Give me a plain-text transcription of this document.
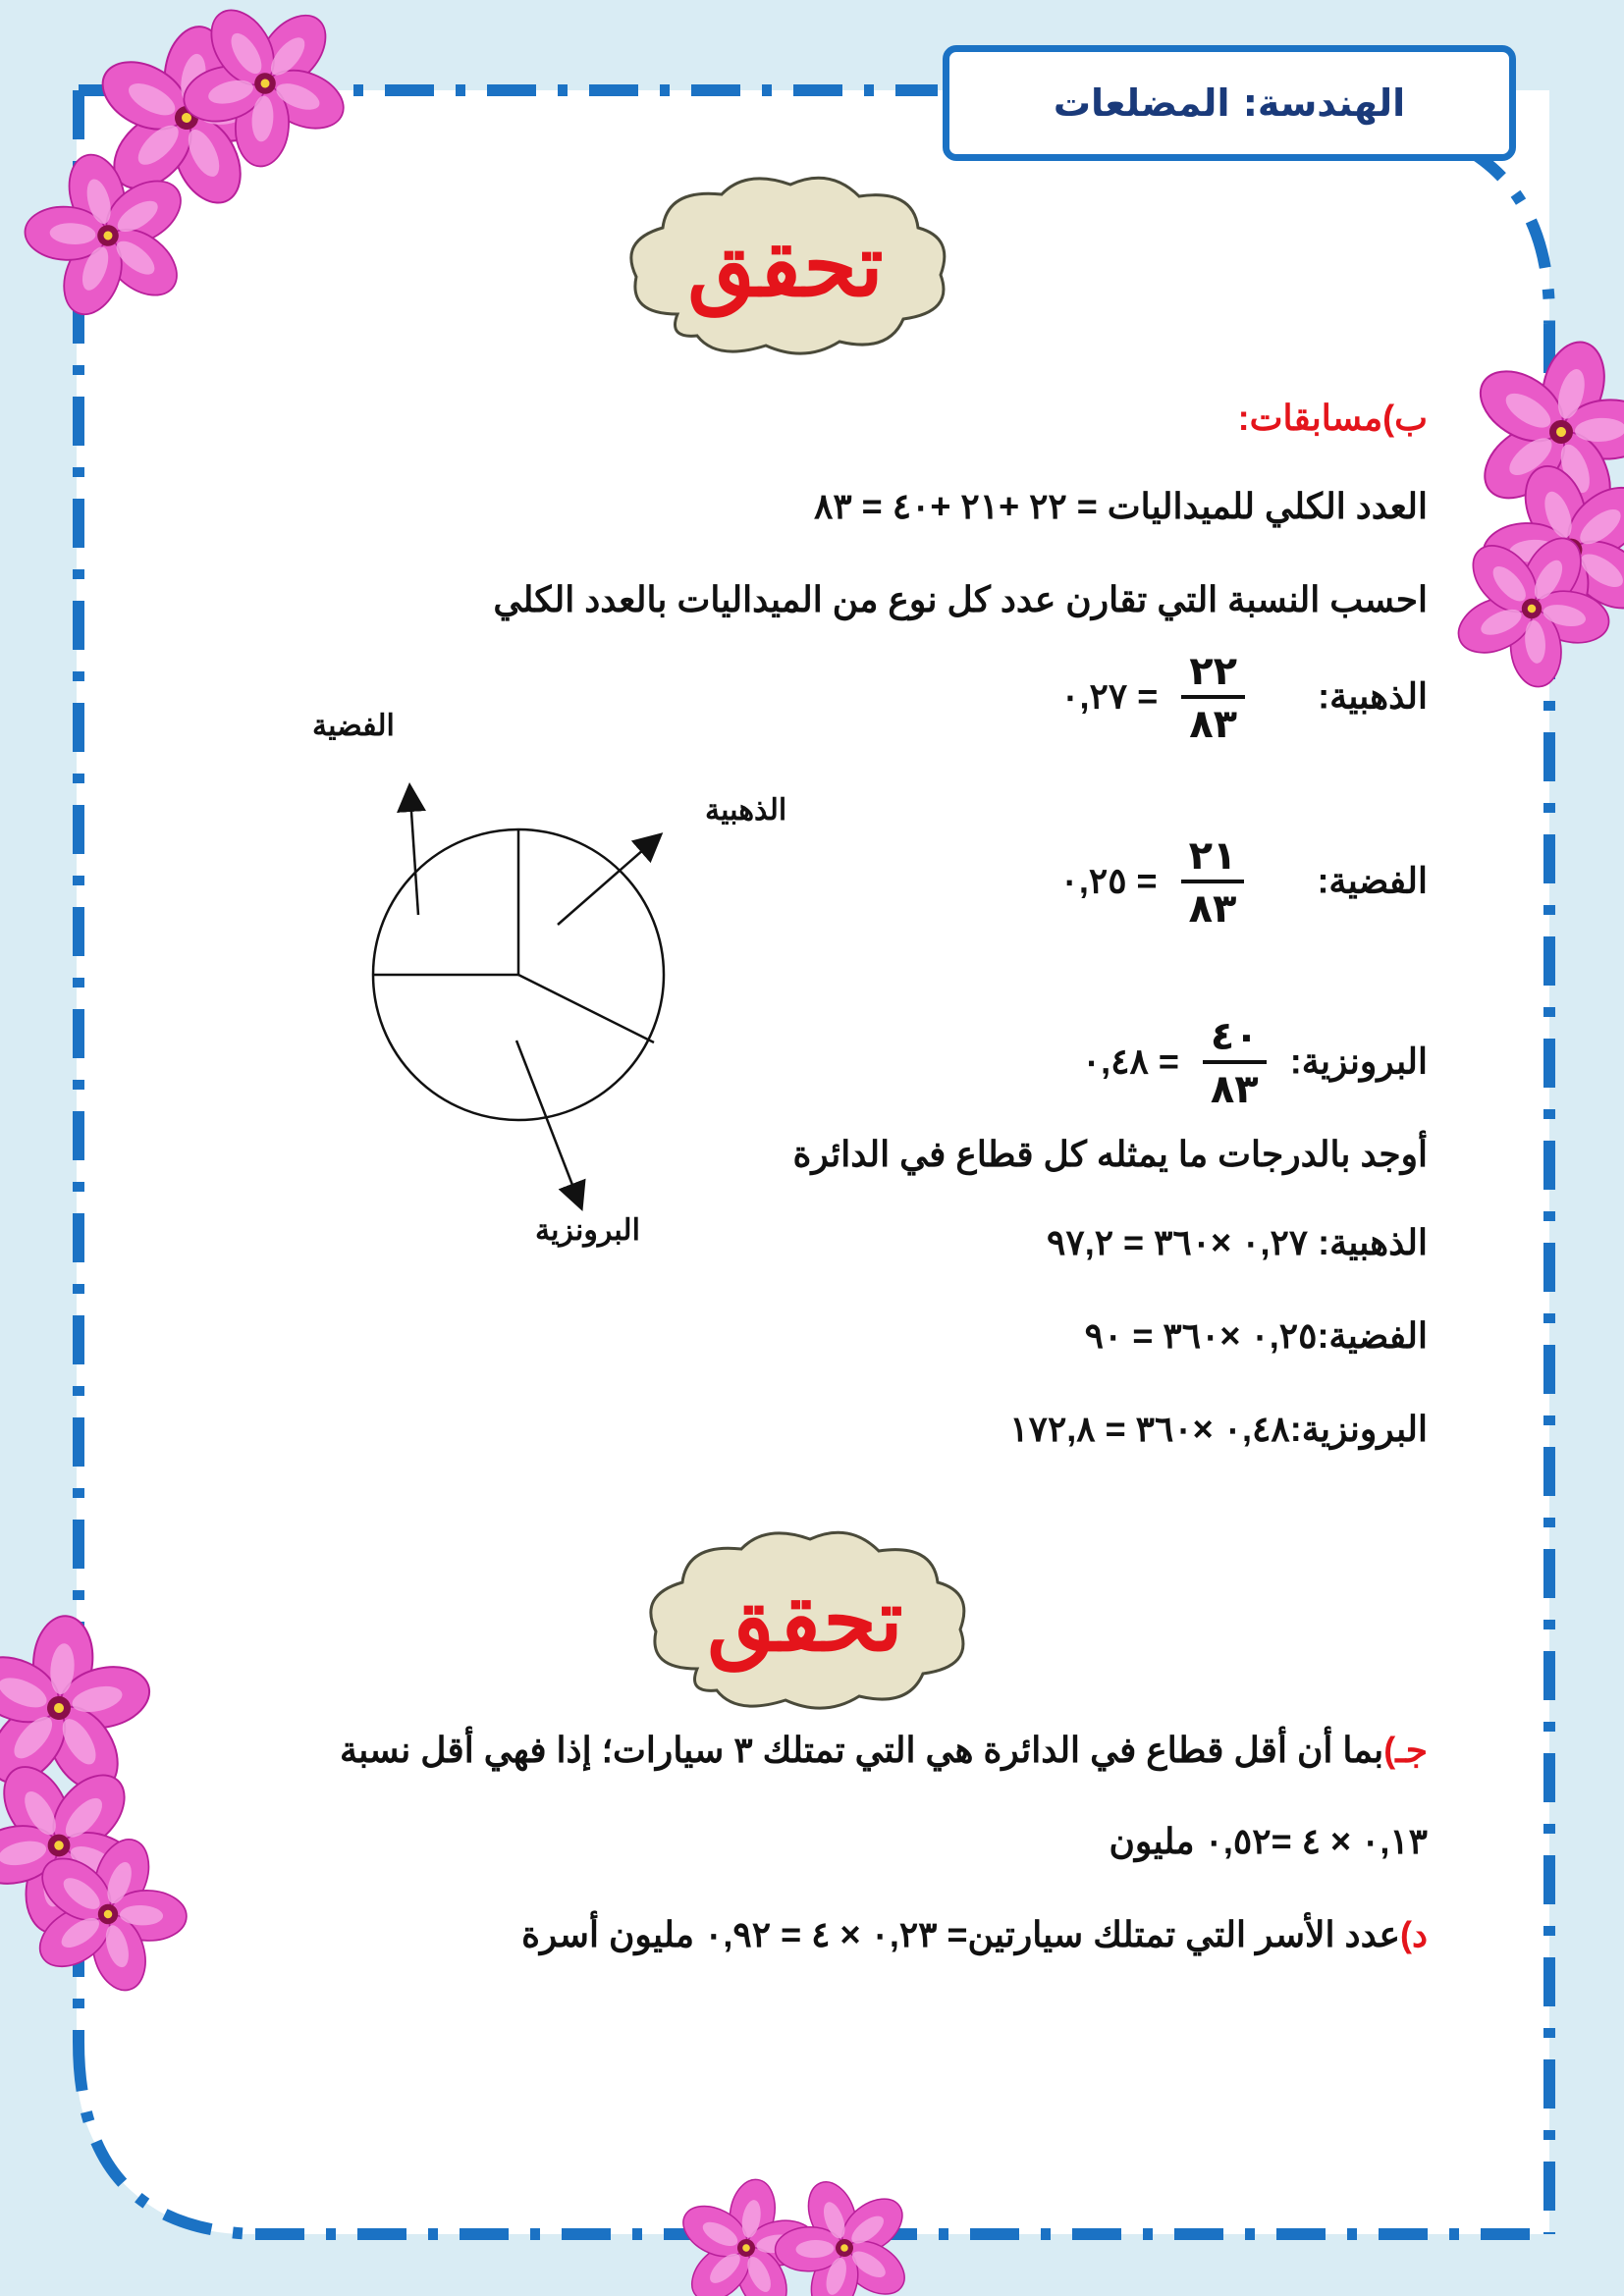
الهندسة: المضلعات
تحقق
ب)مسابقات:
العدد الكلي للميداليات = ٢٢ +٢١ +٤٠ = ٨٣
احسب النسبة التي تقارن عدد كل نوع من الميداليات بالعدد الكلي
الذهبية:
$\frac{٢٢}{٨٣}$
= ٠,٢٧
الفضية:
$\frac{٢١}{٨٣}$
= ٠,٢٥
البرونزية:
$\frac{٤٠}{٨٣}$
= ٠,٤٨
أوجد بالدرجات ما يمثله كل قطاع في الدائرة
الذهبية: ٠,٢٧ ×٣٦٠ = ٩٧,٢
الفضية:٠,٢٥ ×٣٦٠ = ٩٠
البرونزية:٠,٤٨ ×٣٦٠ = ١٧٢,٨
الفضية
الذهبية
البرونزية
تحقق
جـ)بما أن أقل قطاع في الدائرة هي التي تمتلك ٣ سيارات؛ إذا فهي أقل نسبة
٠,١٣ × ٤ =٠,٥٢ مليون
د)عدد الأسر التي تمتلك سيارتين= ٠,٢٣ × ٤ = ٠,٩٢ مليون أسرة
